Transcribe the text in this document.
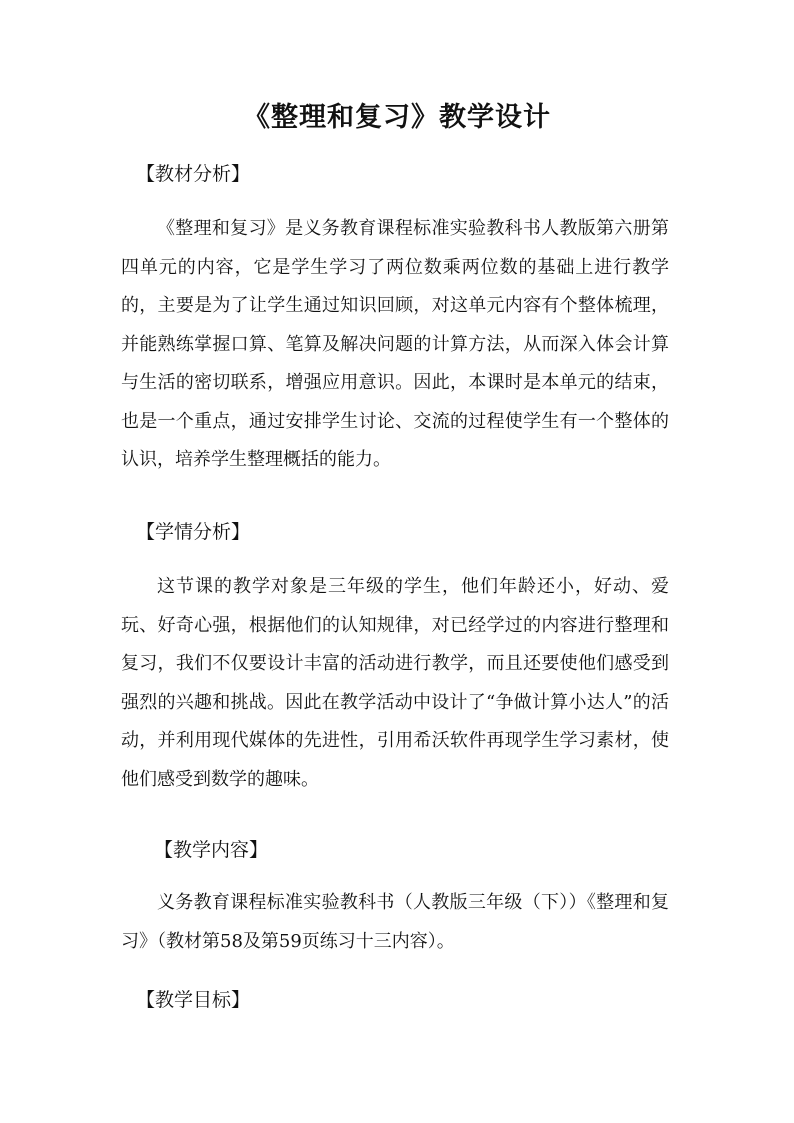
《整理和复习》教学设计
【教材分析】

《整理和复习》是义务教育课程标准实验教科书人教版第六册第四单元的内容，它是学生学习了两位数乘两位数的基础上进行教学的，主要是为了让学生通过知识回顾，对这单元内容有个整体梳理，并能熟练掌握口算、笔算及解决问题的计算方法，从而深入体会计算与生活的密切联系，增强应用意识。因此，本课时是本单元的结束，也是一个重点，通过安排学生讨论、交流的过程使学生有一个整体的认识，培养学生整理概括的能力。

【学情分析】

这节课的教学对象是三年级的学生，他们年龄还小，好动、爱玩、好奇心强，根据他们的认知规律，对已经学过的内容进行整理和复习，我们不仅要设计丰富的活动进行教学，而且还要使他们感受到强烈的兴趣和挑战。因此在教学活动中设计了“争做计算小达人”的活动，并利用现代媒体的先进性，引用希沃软件再现学生学习素材，使他们感受到数学的趣味。

【教学内容】

义务教育课程标准实验教科书（人教版三年级（下））《整理和复习》（教材第58及第59页练习十三内容）。

【教学目标】
